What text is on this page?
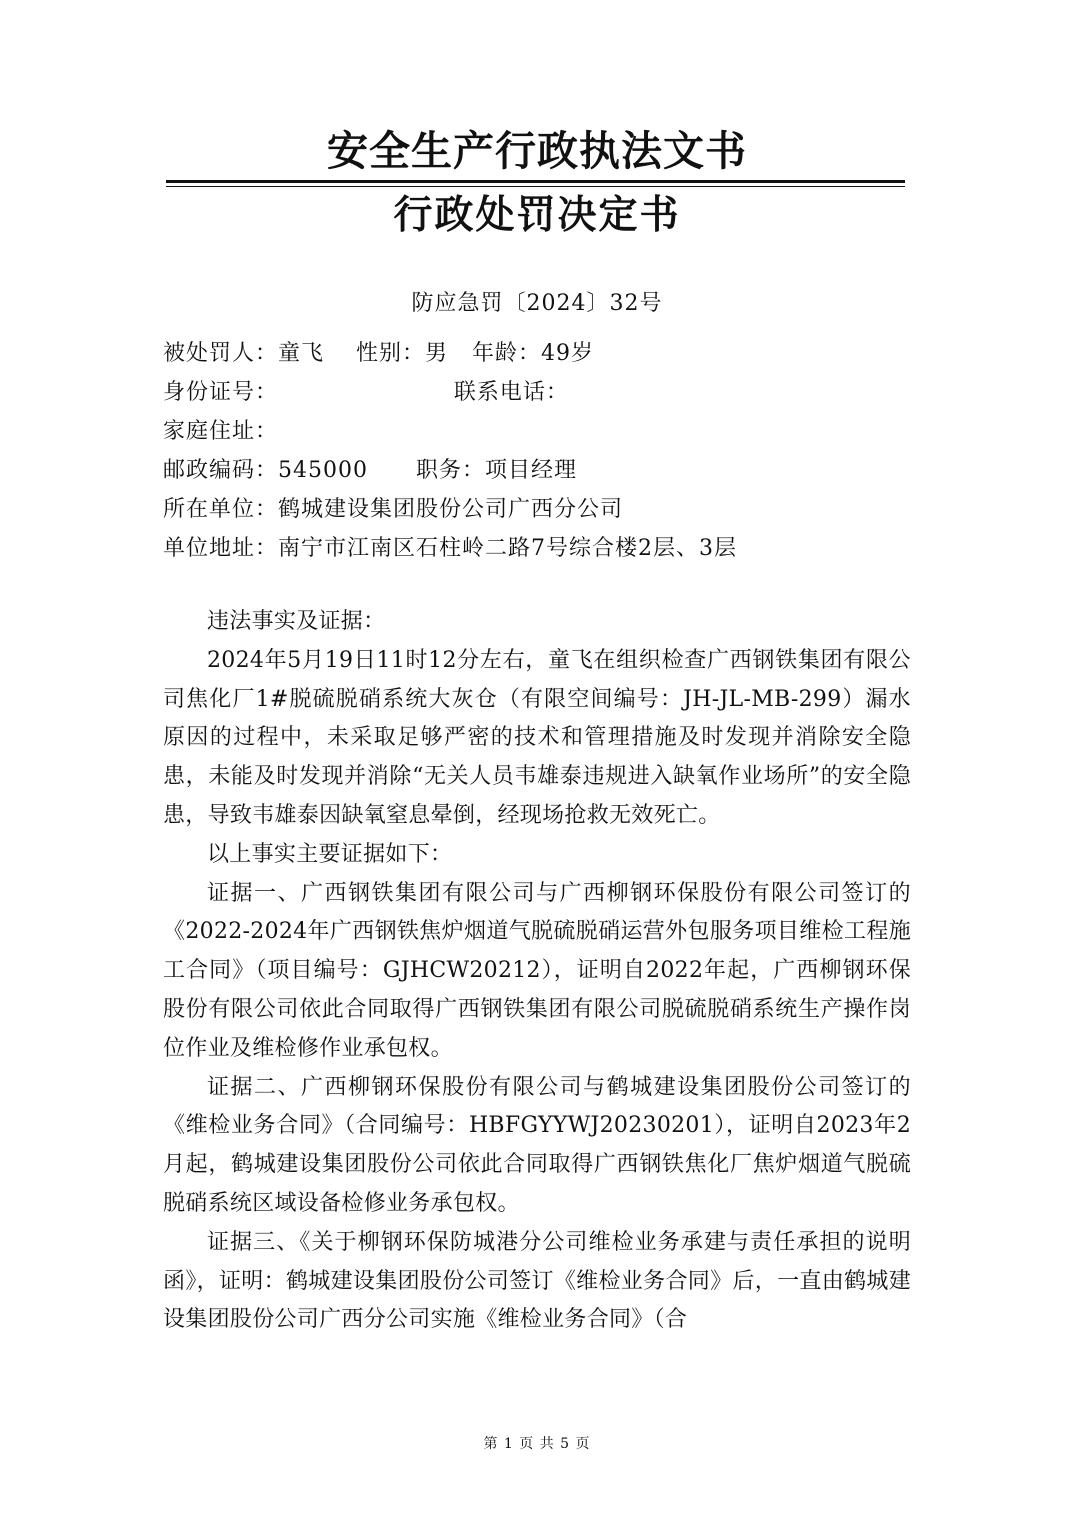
安全生产行政执法文书
行政处罚决定书
防应急罚〔2024〕32号
被处罚人：童飞    性别：男   年龄：49岁
身份证号：                      联系电话：
家庭住址：
邮政编码：545000      职务：项目经理
所在单位：鹤城建设集团股份公司广西分公司
单位地址：南宁市江南区石柱岭二路7号综合楼2层、3层

违法事实及证据：

2024年5月19日11时12分左右，童飞在组织检查广西钢铁集团有限公司焦化厂1#脱硫脱硝系统大灰仓（有限空间编号：JH-JL-MB-299）漏水原因的过程中，未采取足够严密的技术和管理措施及时发现并消除安全隐患，未能及时发现并消除“无关人员韦雄泰违规进入缺氧作业场所”的安全隐患，导致韦雄泰因缺氧窒息晕倒，经现场抢救无效死亡。

以上事实主要证据如下：

证据一、广西钢铁集团有限公司与广西柳钢环保股份有限公司签订的《2022-2024年广西钢铁焦炉烟道气脱硫脱硝运营外包服务项目维检工程施工合同》（项目编号：GJHCW20212），证明自2022年起，广西柳钢环保股份有限公司依此合同取得广西钢铁集团有限公司脱硫脱硝系统生产操作岗位作业及维检修作业承包权。

证据二、广西柳钢环保股份有限公司与鹤城建设集团股份公司签订的《维检业务合同》（合同编号：HBFGYYWJ20230201），证明自2023年2月起，鹤城建设集团股份公司依此合同取得广西钢铁焦化厂焦炉烟道气脱硫脱硝系统区域设备检修业务承包权。

证据三、《关于柳钢环保防城港分公司维检业务承建与责任承担的说明函》，证明：鹤城建设集团股份公司签订《维检业务合同》后，一直由鹤城建设集团股份公司广西分公司实施《维检业务合同》（合

第 1 页 共 5 页
